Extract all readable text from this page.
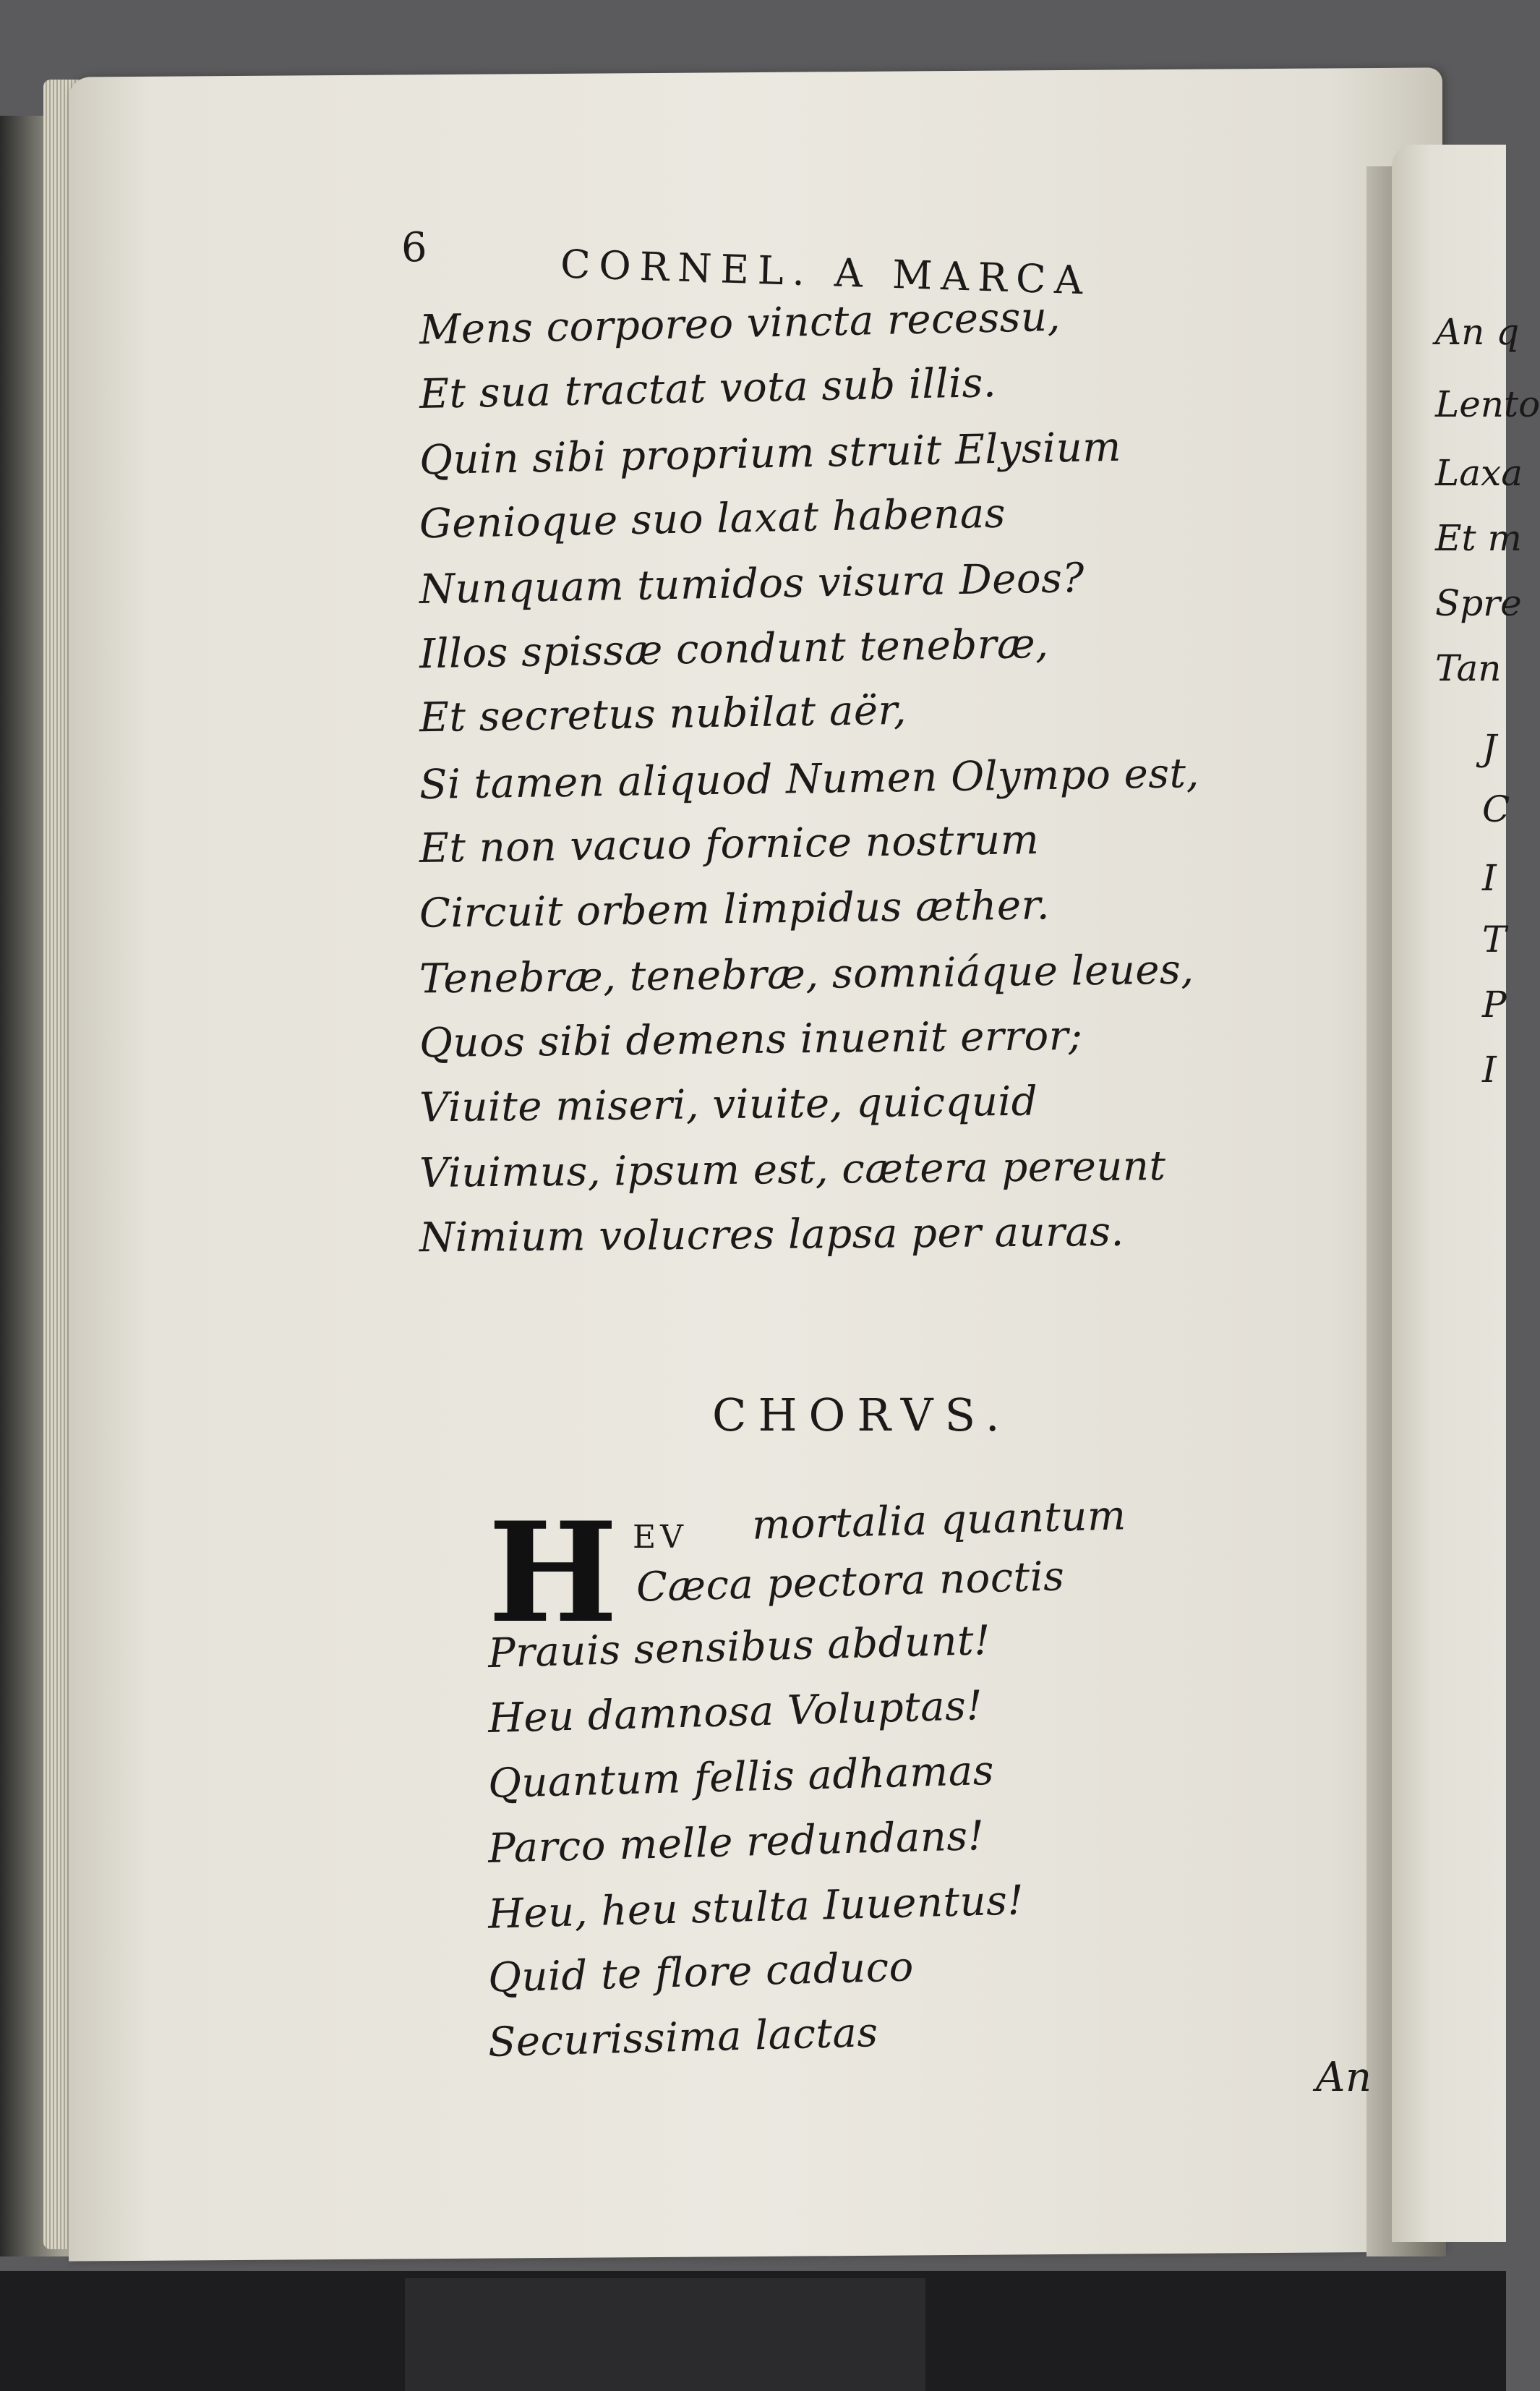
6	CORNEL. A MARCA
Mens corporeo vincta recessu,
Et sua tractat vota sub illis.
Quin sibi proprium struit Elysium
Genioque suo laxat habenas
Nunquam tumidos visura Deos?
Illos spissæ condunt tenebræ,
Et secretus nubilat aër,
Si tamen aliquod Numen Olympo est,
Et non vacuo fornice nostrum
Circuit orbem limpidus æther.
Tenebræ, tenebræ, somniáque leues,
Quos sibi demens inuenit error;
Viuite miseri, viuite, quicquid
Viuimus, ipsum est, cætera pereunt
Nimium volucres lapsa per auras.
CHORVS.
H EV mortalia quantum
Cæca pectora noctis
Prauis sensibus abdunt!
Heu damnosa Voluptas!
Quantum fellis adhamas
Parco melle redundans!
Heu, heu stulta Iuuentus!
Quid te flore caduco
Securissima lactas
An
An q
Lento
Laxa
Et m
Spre
Tan
J
C
I
T
P
I
